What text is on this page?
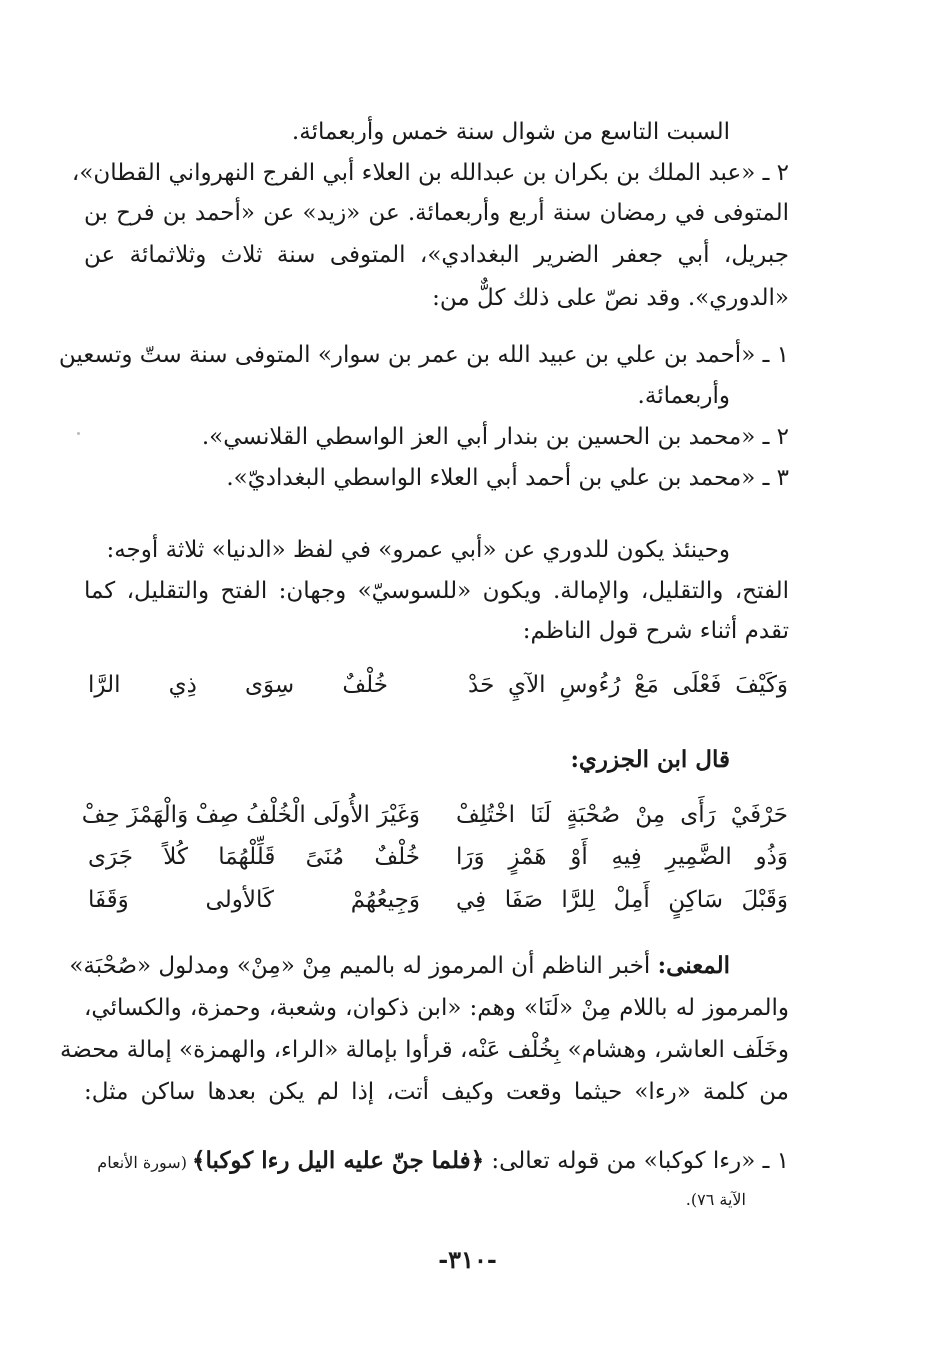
السبت التاسع من شوال سنة خمس وأربعمائة.
٢ ـ «عبد الملك بن بكران بن عبدالله بن العلاء أبي الفرج النهرواني القطان»،
المتوفى في رمضان سنة أربع وأربعمائة. عن «زيد» عن «أحمد بن فرح بن
جبريل، أبي جعفر الضرير البغدادي»، المتوفى سنة ثلاث وثلاثمائة عن
«الدوري». وقد نصّ على ذلك كلٌّ من:
١ ـ «أحمد بن علي بن عبيد الله بن عمر بن سوار» المتوفى سنة ستّ وتسعين
وأربعمائة.
٢ ـ «محمد بن الحسين بن بندار أبي العز الواسطي القلانسي».
٣ ـ «محمد بن علي بن أحمد أبي العلاء الواسطي البغداديّ».
وحينئذ يكون للدوري عن «أبي عمرو» في لفظ «الدنيا» ثلاثة أوجه:
الفتح، والتقليل، والإمالة. ويكون «للسوسيّ» وجهان: الفتح والتقليل، كما
تقدم أثناء شرح قول الناظم:
وَكَيْفَ فَعْلَى مَعْ رُءُوسِ الآيِ حَدْ
خُلْفٌ سِوَى ذِي الرَّا
قال ابن الجزري:
حَرْفَيْ رَأَى مِنْ صُحْبَةٍ لَنَا اخْتُلِفْ
وَغَيْرَ الأُولَى الْخُلْفُ صِفْ وَالْهَمْزَ حِفْ
وَذُو الضَّمِيرِ فِيهِ أَوْ هَمْزٍ وَرَا
خُلْفٌ مُنَىً قَلِّلْهُمَا كُلاً جَرَى
وَقَبْلَ سَاكِنٍ أَمِلْ لِلرَّا صَفَا فِي
وَجِيعُهُمْ كَالأولى وَقَفَا
المعنى: أخبر الناظم أن المرموز له بالميم مِنْ «مِنْ» ومدلول «صُحْبَة»
والمرموز له باللام مِنْ «لَنَا» وهم: «ابن ذكوان، وشعبة، وحمزة، والكسائي،
وخَلَف العاشر، وهشام» بِخُلْف عَنْه، قرأوا بإمالة «الراء، والهمزة» إمالة محضة
من كلمة «رءا» حيثما وقعت وكيف أتت، إذا لم يكن بعدها ساكن مثل:
١ ـ «رءا كوكبا» من قوله تعالى: ﴿فلما جنّ عليه اليل رءا كوكبا﴾ (سورة الأنعام
الآية ٧٦).
-٣١٠-
